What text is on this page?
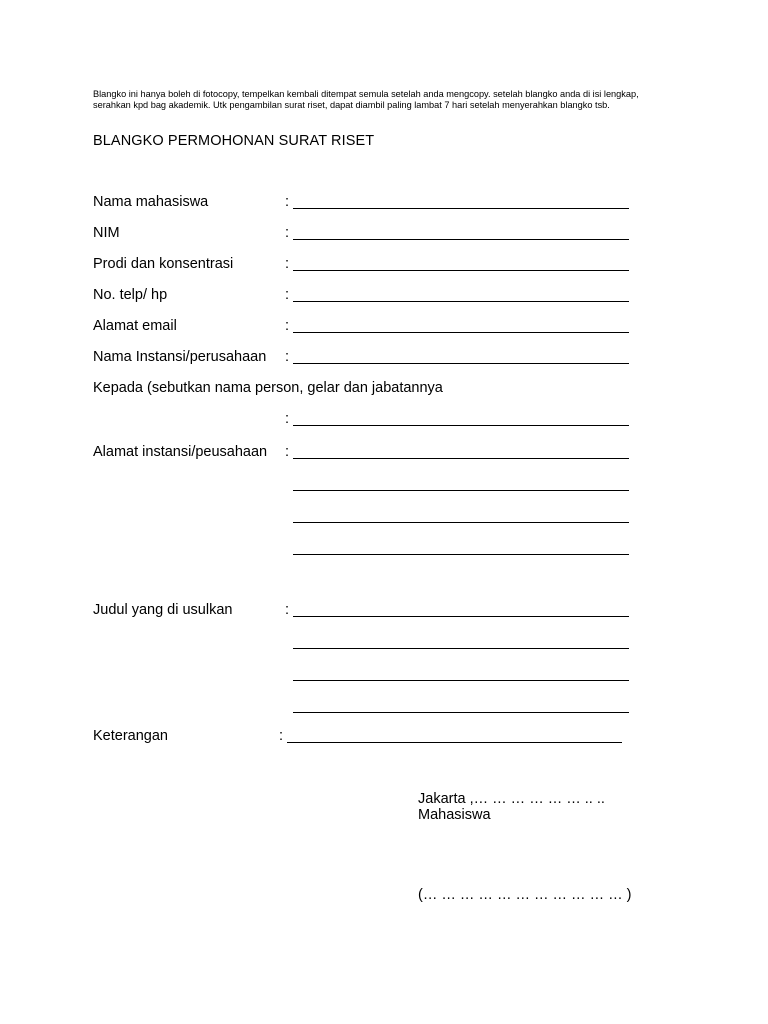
Blangko ini hanya boleh di fotocopy, tempelkan kembali ditempat semula setelah anda mengcopy. setelah blangko anda di isi lengkap, serahkan kpd bag akademik. Utk pengambilan surat riset, dapat diambil paling lambat 7 hari setelah menyerahkan blangko tsb.
BLANGKO PERMOHONAN SURAT RISET
Nama mahasiswa	:
NIM	:
Prodi dan konsentrasi	:
No. telp/ hp	:
Alamat email	:
Nama Instansi/perusahaan :
Kepada (sebutkan nama person, gelar dan jabatannya
:
Alamat instansi/peusahaan :
Judul yang di usulkan	:
Keterangan	:
Jakarta ,… … … … … … .. ..
Mahasiswa
(… … … … … … … … … … … )
